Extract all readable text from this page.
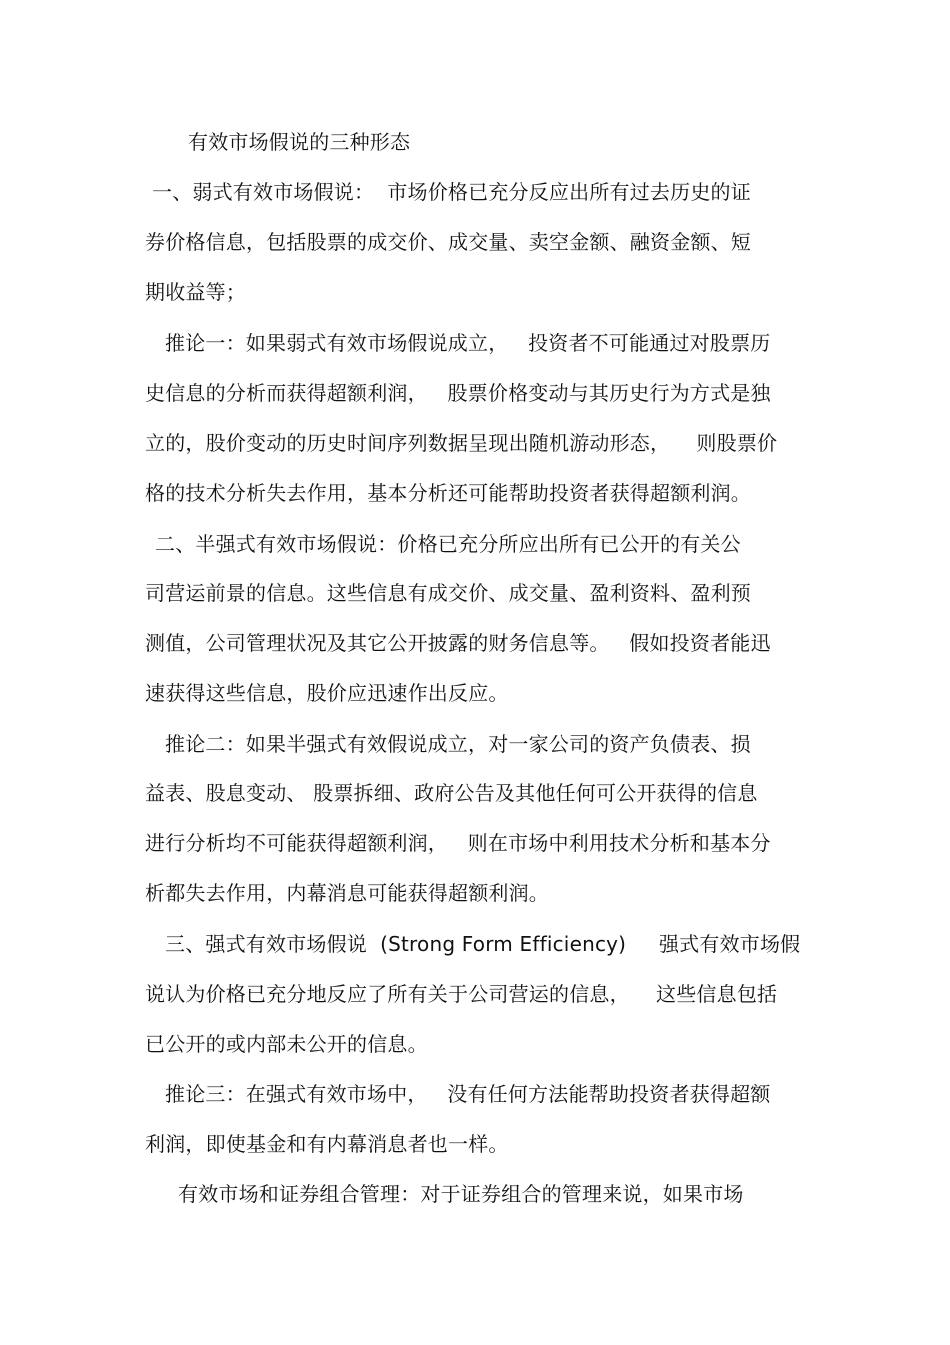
有效市场假说的三种形态
一、弱式有效市场假说：  市场价格已充分反应出所有过去历史的证
券价格信息，包括股票的成交价、成交量、卖空金额、融资金额、短
期收益等；
推论一：如果弱式有效市场假说成立，   投资者不可能通过对股票历
史信息的分析而获得超额利润，   股票价格变动与其历史行为方式是独
立的，股价变动的历史时间序列数据呈现出随机游动形态，    则股票价
格的技术分析失去作用，基本分析还可能帮助投资者获得超额利润。
二、半强式有效市场假说：价格已充分所应出所有已公开的有关公
司营运前景的信息。这些信息有成交价、成交量、盈利资料、盈利预
测值，公司管理状况及其它公开披露的财务信息等。   假如投资者能迅
速获得这些信息，股价应迅速作出反应。
推论二：如果半强式有效假说成立，对一家公司的资产负债表、损
益表、股息变动、 股票拆细、政府公告及其他任何可公开获得的信息
进行分析均不可能获得超额利润，   则在市场中利用技术分析和基本分
析都失去作用，内幕消息可能获得超额利润。
三、强式有效市场假说  (Strong Form Efficiency)     强式有效市场假
说认为价格已充分地反应了所有关于公司营运的信息，    这些信息包括
已公开的或内部未公开的信息。
推论三：在强式有效市场中，   没有任何方法能帮助投资者获得超额
利润，即使基金和有内幕消息者也一样。
有效市场和证券组合管理：对于证券组合的管理来说，如果市场
